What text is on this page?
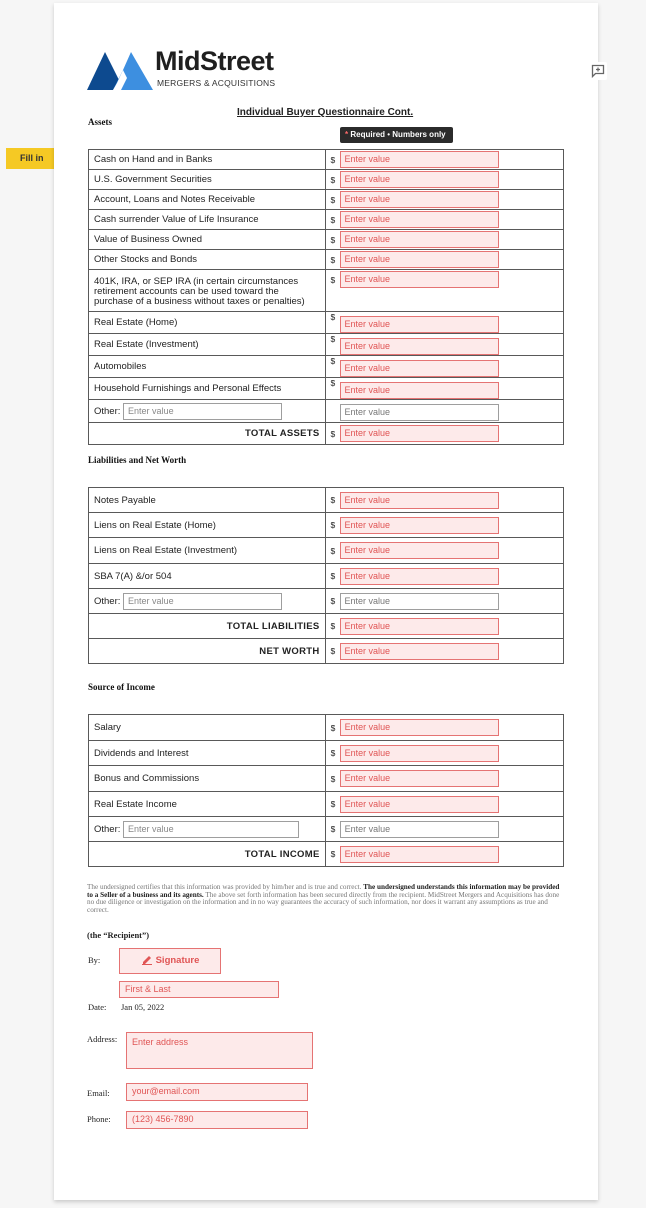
Fill in
MidStreet
MERGERS & ACQUISITIONS
Individual Buyer Questionnaire Cont.
Assets
* Required • Numbers only
Cash on Hand and in Banks	$ Enter value
U.S. Government Securities	$ Enter value
Account, Loans and Notes Receivable	$ Enter value
Cash surrender Value of Life Insurance	$ Enter value
Value of Business Owned	$ Enter value
Other Stocks and Bonds	$ Enter value
401K, IRA, or SEP IRA (in certain circumstances retirement accounts can be used toward the purchase of a business without taxes or penalties)	$ Enter value
Real Estate (Home)	$Enter value
Real Estate (Investment)	$Enter value
Automobiles	$Enter value
Household Furnishings and Personal Effects	$Enter value
Other: Enter value	Enter value
TOTAL ASSETS	$ Enter value
Liabilities and Net Worth
Notes Payable	$ Enter value
Liens on Real Estate (Home)	$ Enter value
Liens on Real Estate (Investment)	$ Enter value
SBA 7(A) &/or 504	$ Enter value
Other: Enter value	$ Enter value
TOTAL LIABILITIES	$ Enter value
NET WORTH	$ Enter value
Source of Income
Salary	$ Enter value
Dividends and Interest	$ Enter value
Bonus and Commissions	$ Enter value
Real Estate Income	$ Enter value
Other: Enter value	$ Enter value
TOTAL INCOME	$ Enter value
The undersigned certifies that this information was provided by him/her and is true and correct. The undersigned understands this information may be provided to a Seller of a business and its agents. The above set forth information has been secured directly from the recipient. MidStreet Mergers and Acquisitions has done no due diligence or investigation on the information and in no way guarantees the accuracy of such information, nor does it warrant any assumptions as true and correct.
(the “Recipient”)
By:	Signature
First & Last
Date: Jan 05, 2022
Address:	Enter address
Email:	your@email.com
Phone:	(123) 456-7890
